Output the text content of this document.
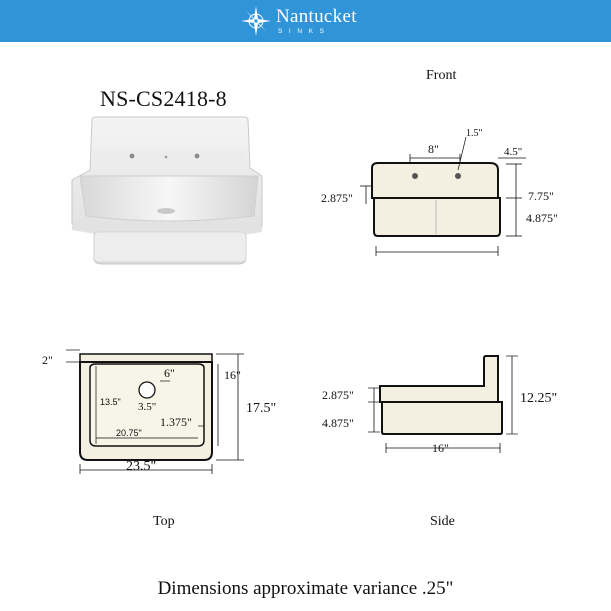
Nantucket
SINKS
NS-CS2418-8
Front
Top	Side
8"
1.5"
4.5"
2.875"	7.75"
4.875"
2"
6"	16"
13.5" 3.5"
1.375"
20.75"
17.5"
23.5"
2.875"
4.875"
12.25"
16"
Dimensions approximate variance .25"
